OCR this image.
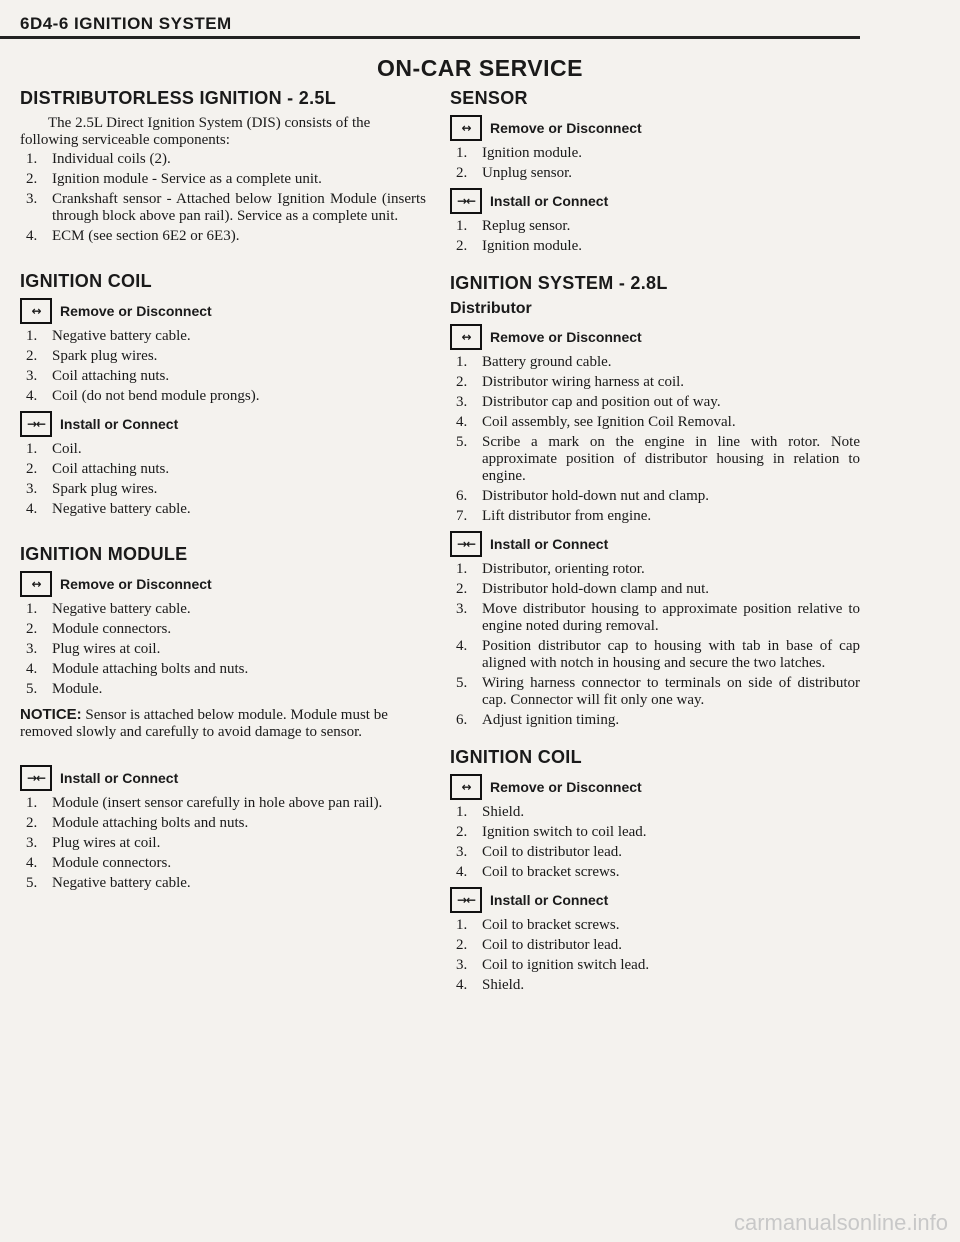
6D4-6 IGNITION SYSTEM
ON-CAR SERVICE
DISTRIBUTORLESS IGNITION - 2.5L

The 2.5L Direct Ignition System (DIS) consists of the following serviceable components:

1. Individual coils (2).
2. Ignition module - Service as a complete unit.
3. Crankshaft sensor - Attached below Ignition Module (inserts through block above pan rail). Service as a complete unit.
4. ECM (see section 6E2 or 6E3).
IGNITION COIL
↔	Remove or Disconnect
1. Negative battery cable.
2. Spark plug wires.
3. Coil attaching nuts.
4. Coil (do not bend module prongs).
→←	Install or Connect
1. Coil.
2. Coil attaching nuts.
3. Spark plug wires.
4. Negative battery cable.
IGNITION MODULE
↔	Remove or Disconnect
1. Negative battery cable.
2. Module connectors.
3. Plug wires at coil.
4. Module attaching bolts and nuts.
5. Module.

NOTICE: Sensor is attached below module. Module must be removed slowly and carefully to avoid damage to sensor.

→←	Install or Connect
1. Module (insert sensor carefully in hole above pan rail).
2. Module attaching bolts and nuts.
3. Plug wires at coil.
4. Module connectors.
5. Negative battery cable.
SENSOR
↔	Remove or Disconnect
1. Ignition module.
2. Unplug sensor.
→←	Install or Connect
1. Replug sensor.
2. Ignition module.
IGNITION SYSTEM - 2.8L
Distributor
↔	Remove or Disconnect
1. Battery ground cable.
2. Distributor wiring harness at coil.
3. Distributor cap and position out of way.
4. Coil assembly, see Ignition Coil Removal.
5. Scribe a mark on the engine in line with rotor. Note approximate position of distributor housing in relation to engine.
6. Distributor hold-down nut and clamp.
7. Lift distributor from engine.
→←	Install or Connect
1. Distributor, orienting rotor.
2. Distributor hold-down clamp and nut.
3. Move distributor housing to approximate position relative to engine noted during removal.
4. Position distributor cap to housing with tab in base of cap aligned with notch in housing and secure the two latches.
5. Wiring harness connector to terminals on side of distributor cap. Connector will fit only one way.
6. Adjust ignition timing.
IGNITION COIL
↔	Remove or Disconnect
1. Shield.
2. Ignition switch to coil lead.
3. Coil to distributor lead.
4. Coil to bracket screws.
→←	Install or Connect
1. Coil to bracket screws.
2. Coil to distributor lead.
3. Coil to ignition switch lead.
4. Shield.
carmanualsonline.info
